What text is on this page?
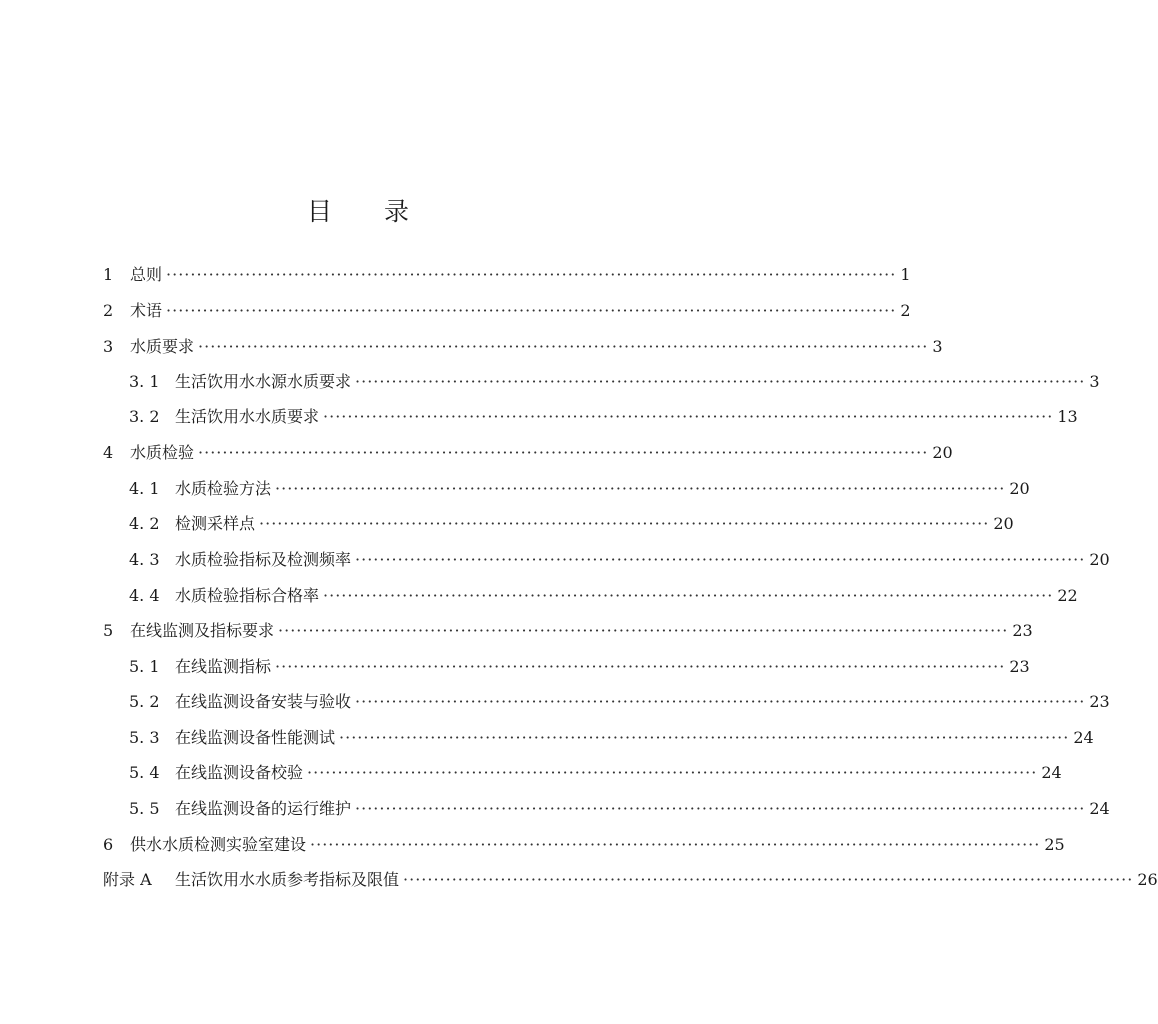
目 录
1	总则 ························································································································ 1
2	术语 ························································································································ 2
3	水质要求 ························································································································ 3
3. 1 生活饮用水水源水质要求 ························································································································ 3
3. 2 生活饮用水水质要求 ························································································································ 13
4	水质检验 ························································································································ 20
4. 1 水质检验方法 ························································································································ 20
4. 2 检测采样点 ························································································································ 20
4. 3 水质检验指标及检测频率 ························································································································ 20
4. 4 水质检验指标合格率 ························································································································ 22
5	在线监测及指标要求 ························································································································ 23
5. 1 在线监测指标 ························································································································ 23
5. 2 在线监测设备安装与验收 ························································································································ 23
5. 3 在线监测设备性能测试 ························································································································ 24
5. 4 在线监测设备校验 ························································································································ 24
5. 5 在线监测设备的运行维护 ························································································································ 24
6	供水水质检测实验室建设 ························································································································ 25
附录 A	生活饮用水水质参考指标及限值 ························································································································ 26
